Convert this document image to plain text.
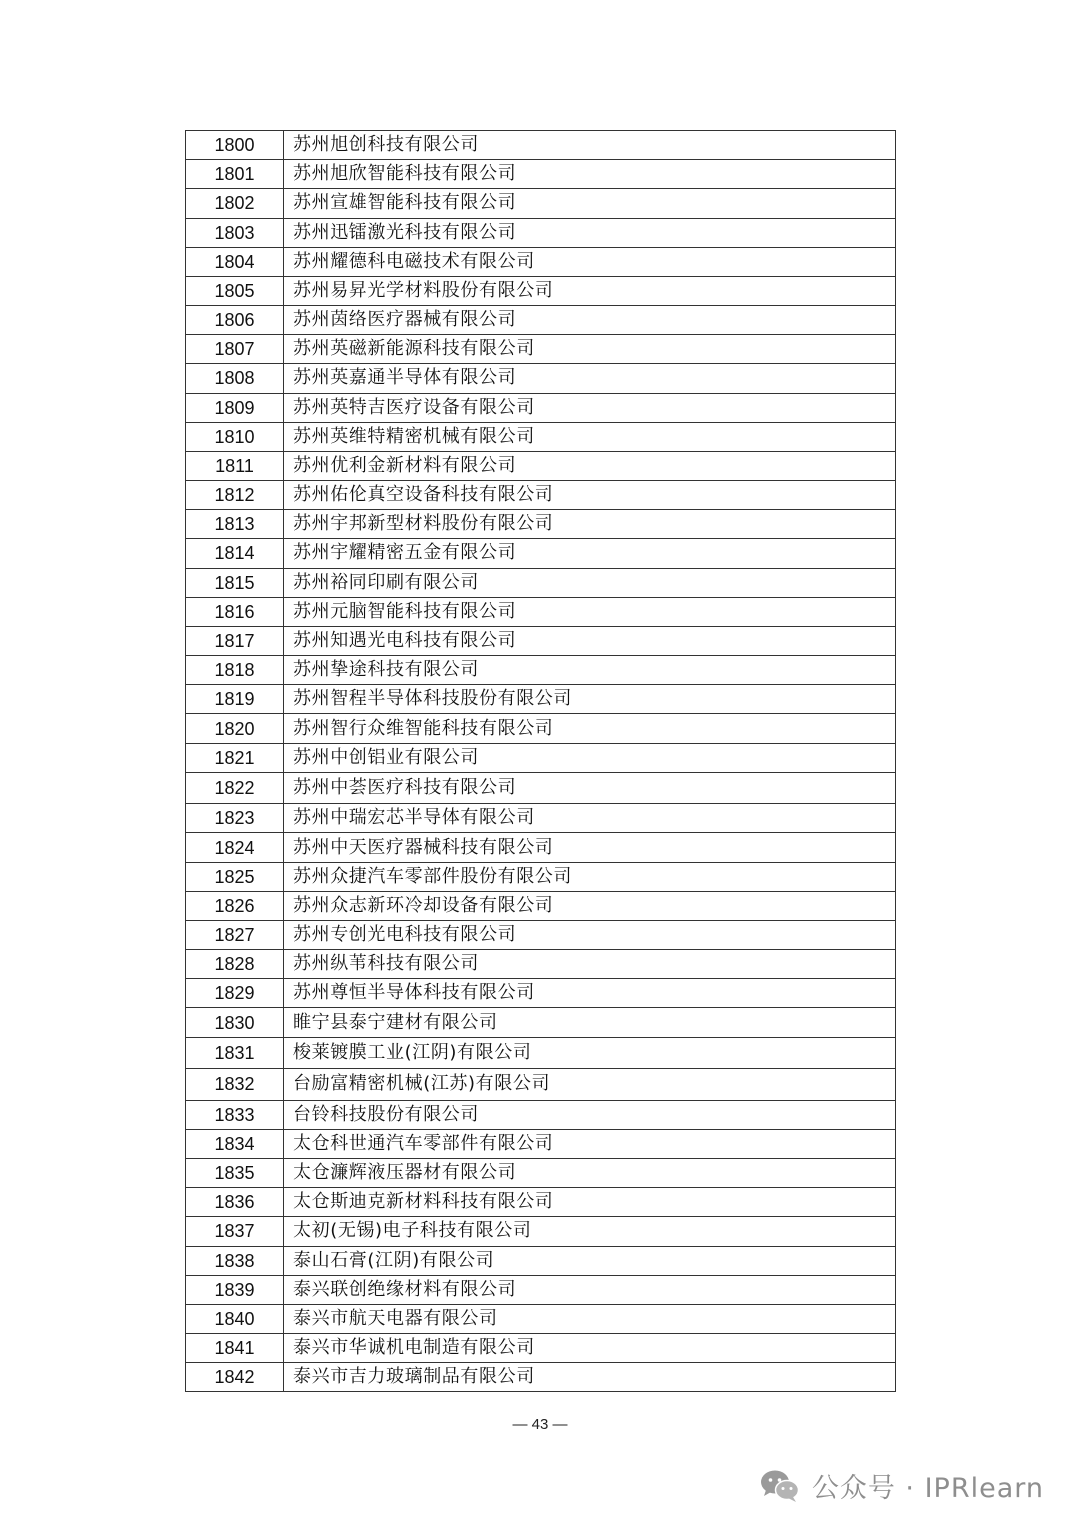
1800	苏州旭创科技有限公司
1801	苏州旭欣智能科技有限公司
1802	苏州宣雄智能科技有限公司
1803	苏州迅镭激光科技有限公司
1804	苏州耀德科电磁技术有限公司
1805	苏州易昇光学材料股份有限公司
1806	苏州茵络医疗器械有限公司
1807	苏州英磁新能源科技有限公司
1808	苏州英嘉通半导体有限公司
1809	苏州英特吉医疗设备有限公司
1810	苏州英维特精密机械有限公司
1811	苏州优利金新材料有限公司
1812	苏州佑伦真空设备科技有限公司
1813	苏州宇邦新型材料股份有限公司
1814	苏州宇耀精密五金有限公司
1815	苏州裕同印刷有限公司
1816	苏州元脑智能科技有限公司
1817	苏州知遇光电科技有限公司
1818	苏州挚途科技有限公司
1819	苏州智程半导体科技股份有限公司
1820	苏州智行众维智能科技有限公司
1821	苏州中创铝业有限公司
1822	苏州中荟医疗科技有限公司
1823	苏州中瑞宏芯半导体有限公司
1824	苏州中天医疗器械科技有限公司
1825	苏州众捷汽车零部件股份有限公司
1826	苏州众志新环冷却设备有限公司
1827	苏州专创光电科技有限公司
1828	苏州纵苇科技有限公司
1829	苏州尊恒半导体科技有限公司
1830	睢宁县泰宁建材有限公司
1831	梭莱镀膜工业(江阴)有限公司
1832	台励富精密机械(江苏)有限公司
1833	台铃科技股份有限公司
1834	太仓科世通汽车零部件有限公司
1835	太仓濂辉液压器材有限公司
1836	太仓斯迪克新材料科技有限公司
1837	太初(无锡)电子科技有限公司
1838	泰山石膏(江阴)有限公司
1839	泰兴联创绝缘材料有限公司
1840	泰兴市航天电器有限公司
1841	泰兴市华诚机电制造有限公司
1842	泰兴市吉力玻璃制品有限公司
— 43 —
公众号 · IPRlearn
